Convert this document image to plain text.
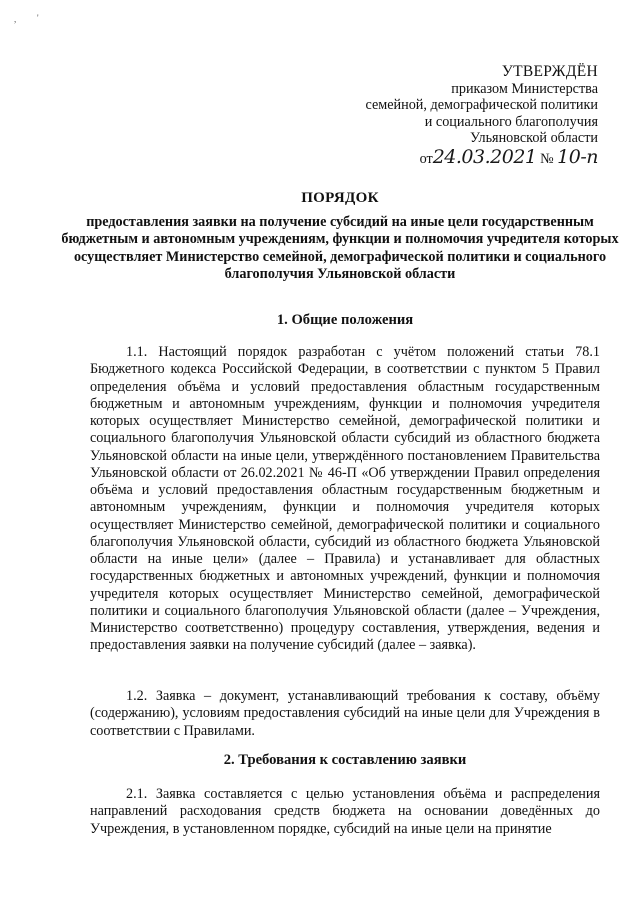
, '
УТВЕРЖДЁН
приказом Министерства
семейной, демографической политики
и социального благополучия
Ульяновской области
от24.03.2021 № 10-п
ПОРЯДОК
предоставления заявки на получение субсидий на иные цели государственным бюджетным и автономным учреждениям, функции и полномочия учредителя которых осуществляет Министерство семейной, демографической политики и социального благополучия Ульяновской области
1. Общие положения
1.1. Настоящий порядок разработан с учётом положений статьи 78.1 Бюджетного кодекса Российской Федерации, в соответствии с пунктом 5 Правил определения объёма и условий предоставления областным государственным бюджетным и автономным учреждениям, функции и полномочия учредителя которых осуществляет Министерство семейной, демографической политики и социального благополучия Ульяновской области субсидий из областного бюджета Ульяновской области на иные цели, утверждённого постановлением Правительства Ульяновской области от 26.02.2021 № 46-П «Об утверждении Правил определения объёма и условий предоставления областным государственным бюджетным и автономным учреждениям, функции и полномочия учредителя которых осуществляет Министерство семейной, демографической политики и социального благополучия Ульяновской области, субсидий из областного бюджета Ульяновской области на иные цели» (далее – Правила) и устанавливает для областных государственных бюджетных и автономных учреждений, функции и полномочия учредителя которых осуществляет Министерство семейной, демографической политики и социального благополучия Ульяновской области (далее – Учреждения, Министерство соответственно) процедуру составления, утверждения, ведения и предоставления заявки на получение субсидий (далее – заявка).
1.2. Заявка – документ, устанавливающий требования к составу, объёму (содержанию), условиям предоставления субсидий на иные цели для Учреждения в соответствии с Правилами.
2. Требования к составлению заявки
2.1. Заявка составляется с целью установления объёма и распределения направлений расходования средств бюджета на основании доведённых до Учреждения, в установленном порядке, субсидий на иные цели на принятие
